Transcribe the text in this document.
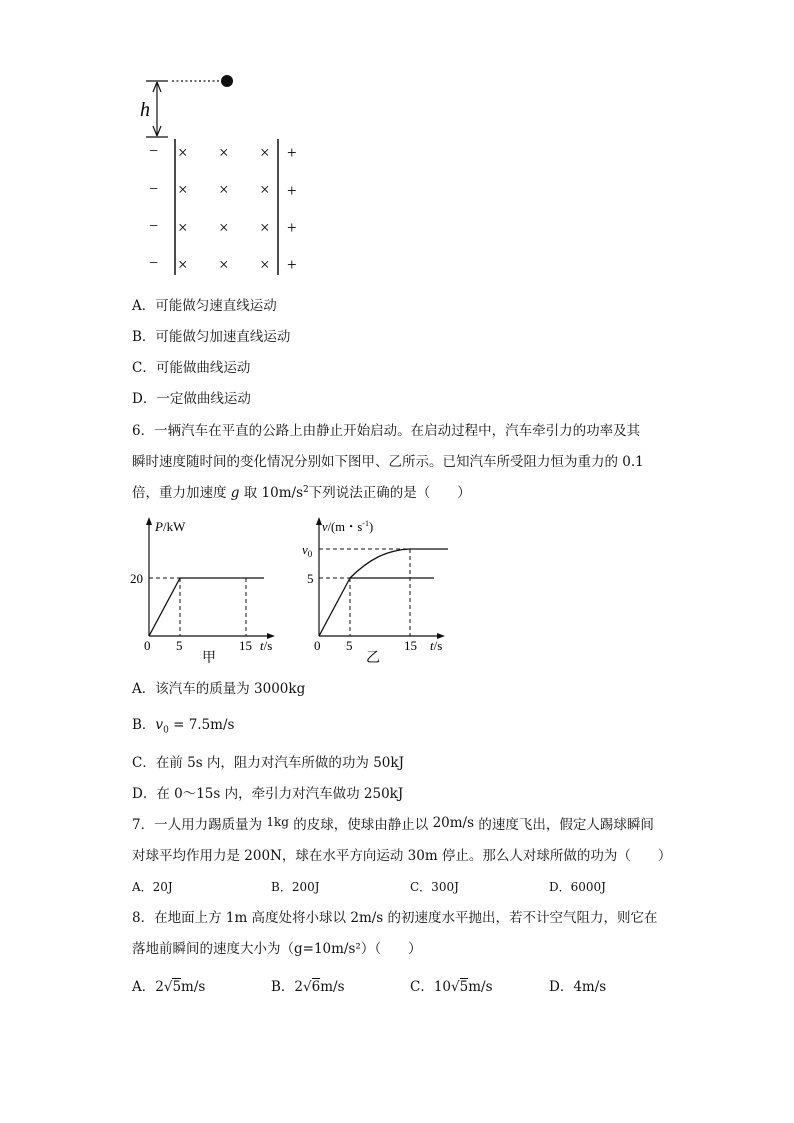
h
−
−
−
−
+
+
+
+
× × ×
× × ×
× × ×
× × ×
A．可能做匀速直线运动
B．可能做匀加速直线运动
C．可能做曲线运动
D．一定做曲线运动
6．一辆汽车在平直的公路上由静止开始启动。在启动过程中，汽车牵引力的功率及其
瞬时速度随时间的变化情况分别如下图甲、乙所示。已知汽车所受阻力恒为重力的 0.1
倍，重力加速度 g 取 $10m/s^2$下列说法正确的是（　　）
P/kW
20
0 5	15 t/s
甲
v/(m・$s^{-1}$)
$v_0$
5
0 5	15 t/s
乙
A．该汽车的质量为 3000kg
B．$v_0 = 7.5m/s$
C．在前 5s 内，阻力对汽车所做的功为 50kJ
D．在 0～15s 内，牵引力对汽车做功 250kJ
7．一人用力踢质量为 1kg 的皮球，使球由静止以 20m/s 的速度飞出，假定人踢球瞬间
对球平均作用力是 200N，球在水平方向运动 30m 停止。那么人对球所做的功为（　　）
A．20J	B．200J	C．300J	D．6000J
8．在地面上方 1m 高度处将小球以 2m/s 的初速度水平抛出，若不计空气阻力，则它在
落地前瞬间的速度大小为（g=10m/s²）（　　）
A．2√5m/s	B．2√6m/s	C．10√5m/s	D．4m/s
